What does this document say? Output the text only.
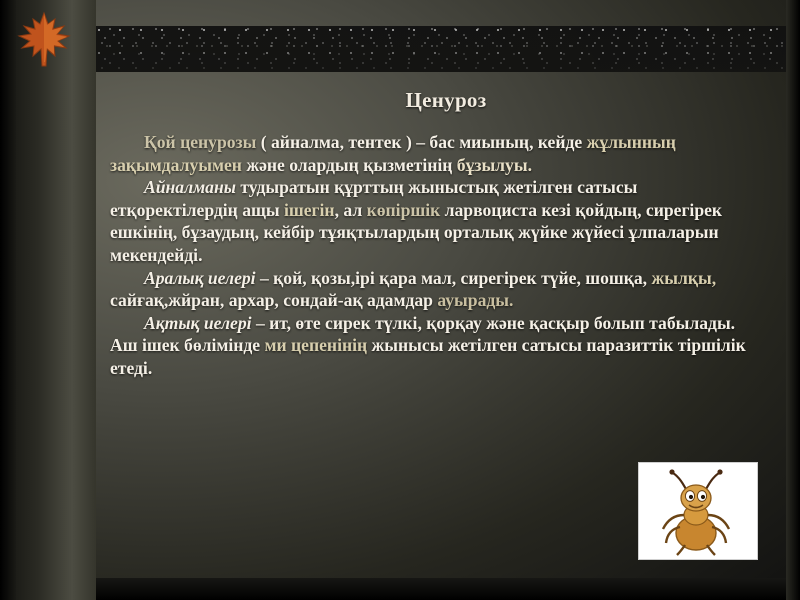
Ценуроз

Қой ценурозы ( айналма, тентек ) – бас миының, кейде жұлынның зақымдалуымен және олардың қызметінің бұзылуы.

Айналманы тудыратын құрттың жыныстық жетілген сатысы етқоректілердің ащы ішегін, ал көпіршік ларвоциста кезі қойдың, сирегірек ешкінің, бұзаудың, кейбір тұяқтылардың орталық жүйке жүйесі ұлпаларын мекендейді.

Аралық иелері – қой, қозы,ірі қара мал, сирегірек түйе, шошқа, жылқы, сайғақ,жйран, архар, сондай-ақ адамдар ауырады.

Ақтық иелері – ит, өте сирек түлкі, қорқау және қасқыр болып табылады. Аш ішек бөлімінде ми цепенінің жынысы жетілген сатысы паразиттік тіршілік етеді.
